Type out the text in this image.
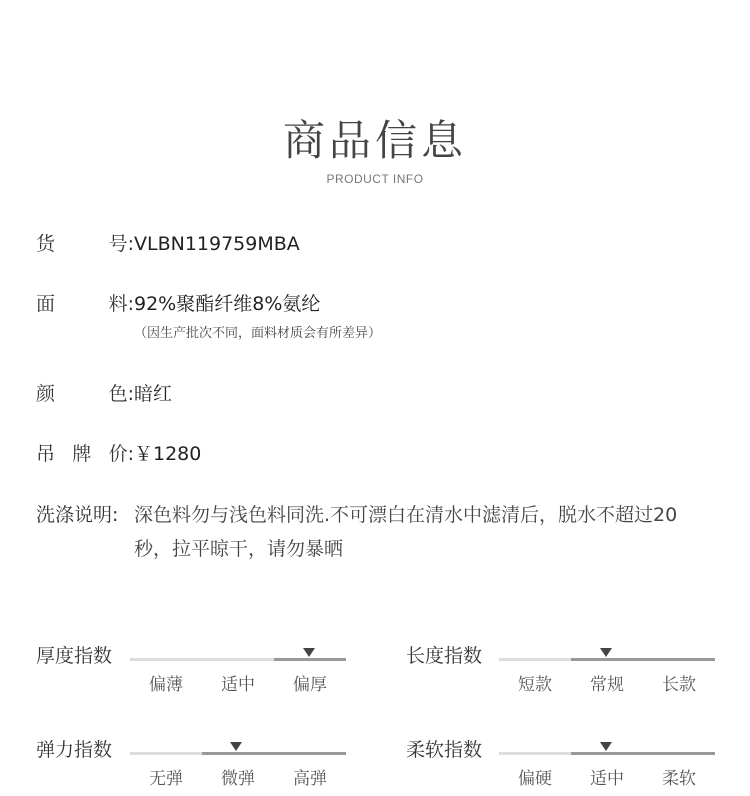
商品信息
PRODUCT INFO
货	号: VLBN119759MBA
面	料: 92%聚酯纤维8%氨纶
（因生产批次不同，面料材质会有所差异）
颜	色: 暗红
吊 牌 价: ￥1280
洗涤说明: 深色料勿与浅色料同洗.不可漂白在清水中滤清后，脱水不超过20秒，拉平晾干，请勿暴晒
厚度指数
偏薄	适中	偏厚
长度指数
短款	常规	长款
弹力指数
无弹	微弹	高弹
柔软指数
偏硬	适中	柔软
